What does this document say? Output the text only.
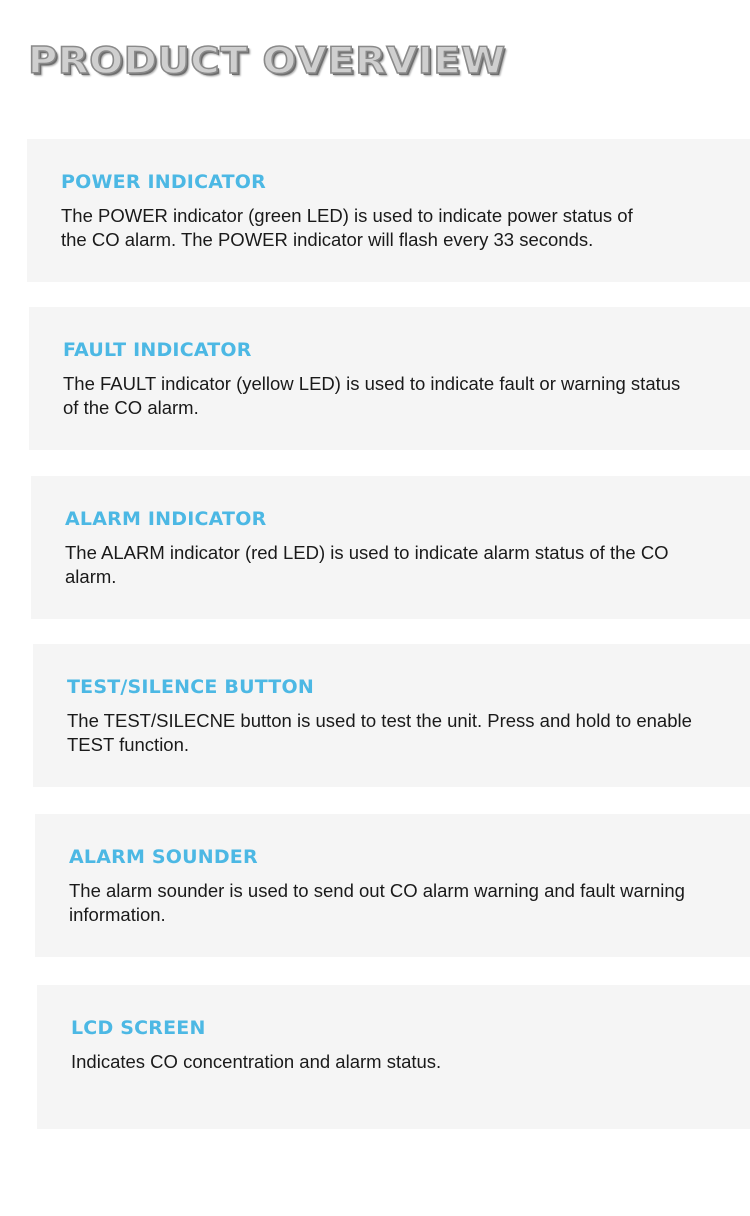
PRODUCT OVERVIEW
POWER INDICATOR

The POWER indicator (green LED) is used to indicate power status of the CO alarm. The POWER indicator will flash every 33 seconds.

FAULT INDICATOR

The FAULT indicator (yellow LED) is used to indicate fault or warning status of the CO alarm.

ALARM INDICATOR

The ALARM indicator (red LED) is used to indicate alarm status of the CO alarm.

TEST/SILENCE BUTTON

The TEST/SILECNE button is used to test the unit. Press and hold to enable TEST function.

ALARM SOUNDER

The alarm sounder is used to send out CO alarm warning and fault warning information.

LCD SCREEN

Indicates CO concentration and alarm status.
